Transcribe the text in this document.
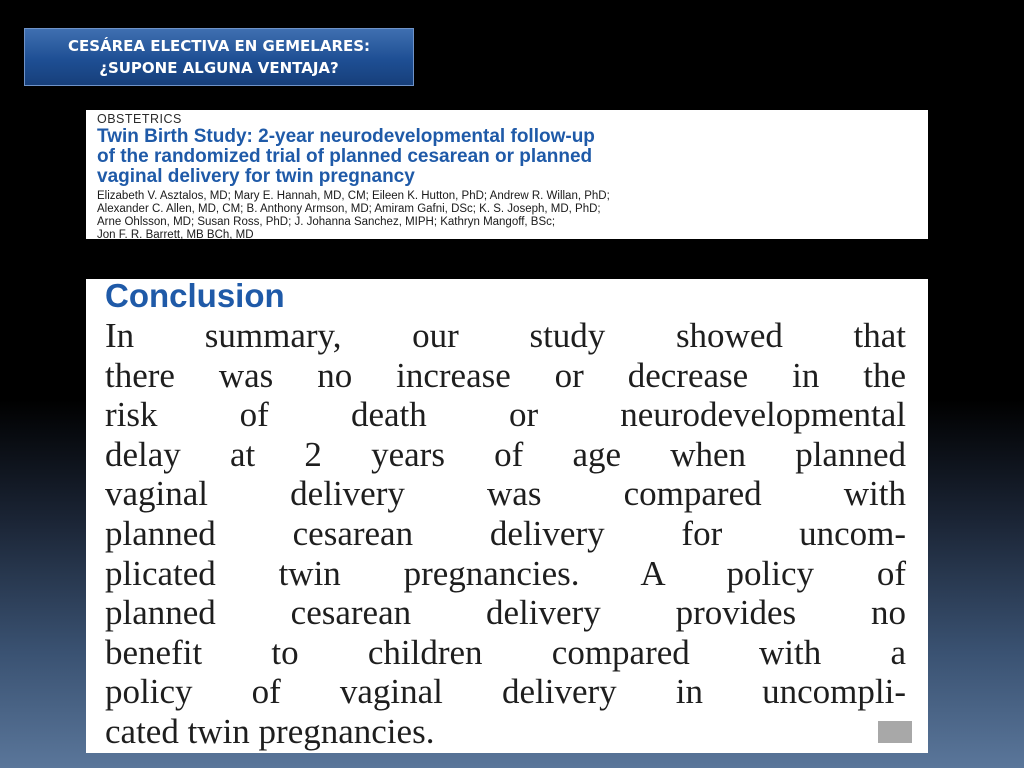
CESÁREA ELECTIVA EN GEMELARES:
¿SUPONE ALGUNA VENTAJA?
OBSTETRICS
Twin Birth Study: 2-year neurodevelopmental follow-up
of the randomized trial of planned cesarean or planned
vaginal delivery for twin pregnancy
Elizabeth V. Asztalos, MD; Mary E. Hannah, MD, CM; Eileen K. Hutton, PhD; Andrew R. Willan, PhD;
Alexander C. Allen, MD, CM; B. Anthony Armson, MD; Amiram Gafni, DSc; K. S. Joseph, MD, PhD;
Arne Ohlsson, MD; Susan Ross, PhD; J. Johanna Sanchez, MIPH; Kathryn Mangoff, BSc;
Jon F. R. Barrett, MB BCh, MD
Conclusion
In summary, our study showed that
there was no increase or decrease in the
risk of death or neurodevelopmental
delay at 2 years of age when planned
vaginal delivery was compared with
planned cesarean delivery for uncom-
plicated twin pregnancies. A policy of
planned cesarean delivery provides no
benefit to children compared with a
policy of vaginal delivery in uncompli-
cated twin pregnancies.
